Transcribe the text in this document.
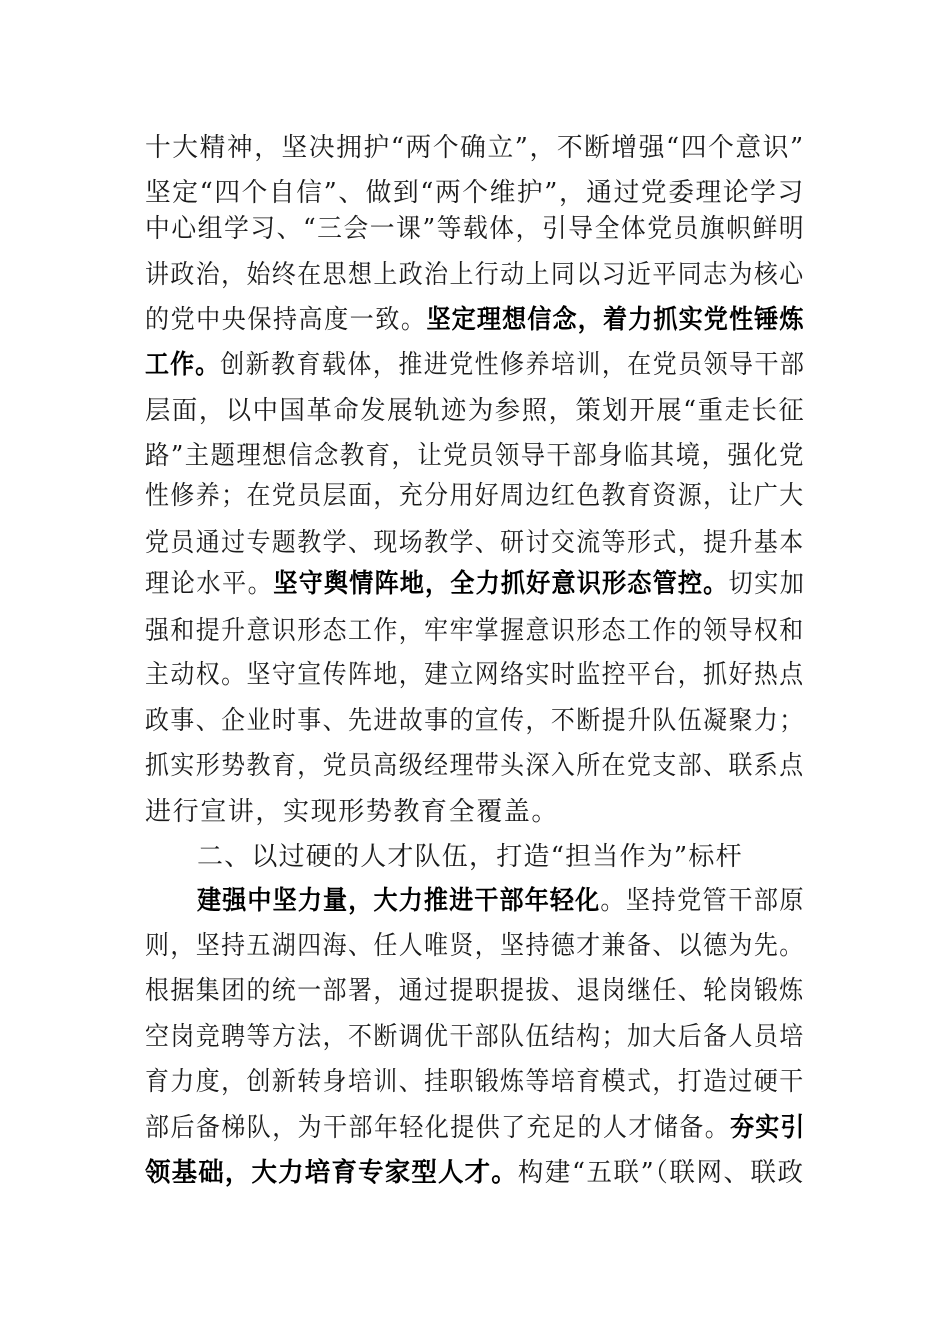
十大精神，坚决拥护“两个确立”，不断增强“四个意识”
坚定“四个自信”、做到“两个维护”，通过党委理论学习
中心组学习、“三会一课”等载体，引导全体党员旗帜鲜明
讲政治，始终在思想上政治上行动上同以习近平同志为核心
的党中央保持高度一致。坚定理想信念，着力抓实党性锤炼
工作。创新教育载体，推进党性修养培训，在党员领导干部
层面，以中国革命发展轨迹为参照，策划开展“重走长征
路”主题理想信念教育，让党员领导干部身临其境，强化党
性修养；在党员层面，充分用好周边红色教育资源，让广大
党员通过专题教学、现场教学、研讨交流等形式，提升基本
理论水平。坚守舆情阵地，全力抓好意识形态管控。切实加
强和提升意识形态工作，牢牢掌握意识形态工作的领导权和
主动权。坚守宣传阵地，建立网络实时监控平台，抓好热点
政事、企业时事、先进故事的宣传，不断提升队伍凝聚力；
抓实形势教育，党员高级经理带头深入所在党支部、联系点
进行宣讲，实现形势教育全覆盖。
二、以过硬的人才队伍，打造“担当作为”标杆
建强中坚力量，大力推进干部年轻化。坚持党管干部原
则，坚持五湖四海、任人唯贤，坚持德才兼备、以德为先。
根据集团的统一部署，通过提职提拔、退岗继任、轮岗锻炼
空岗竞聘等方法，不断调优干部队伍结构；加大后备人员培
育力度，创新转身培训、挂职锻炼等培育模式，打造过硬干
部后备梯队，为干部年轻化提供了充足的人才储备。夯实引
领基础，大力培育专家型人才。构建“五联”（联网、联政
